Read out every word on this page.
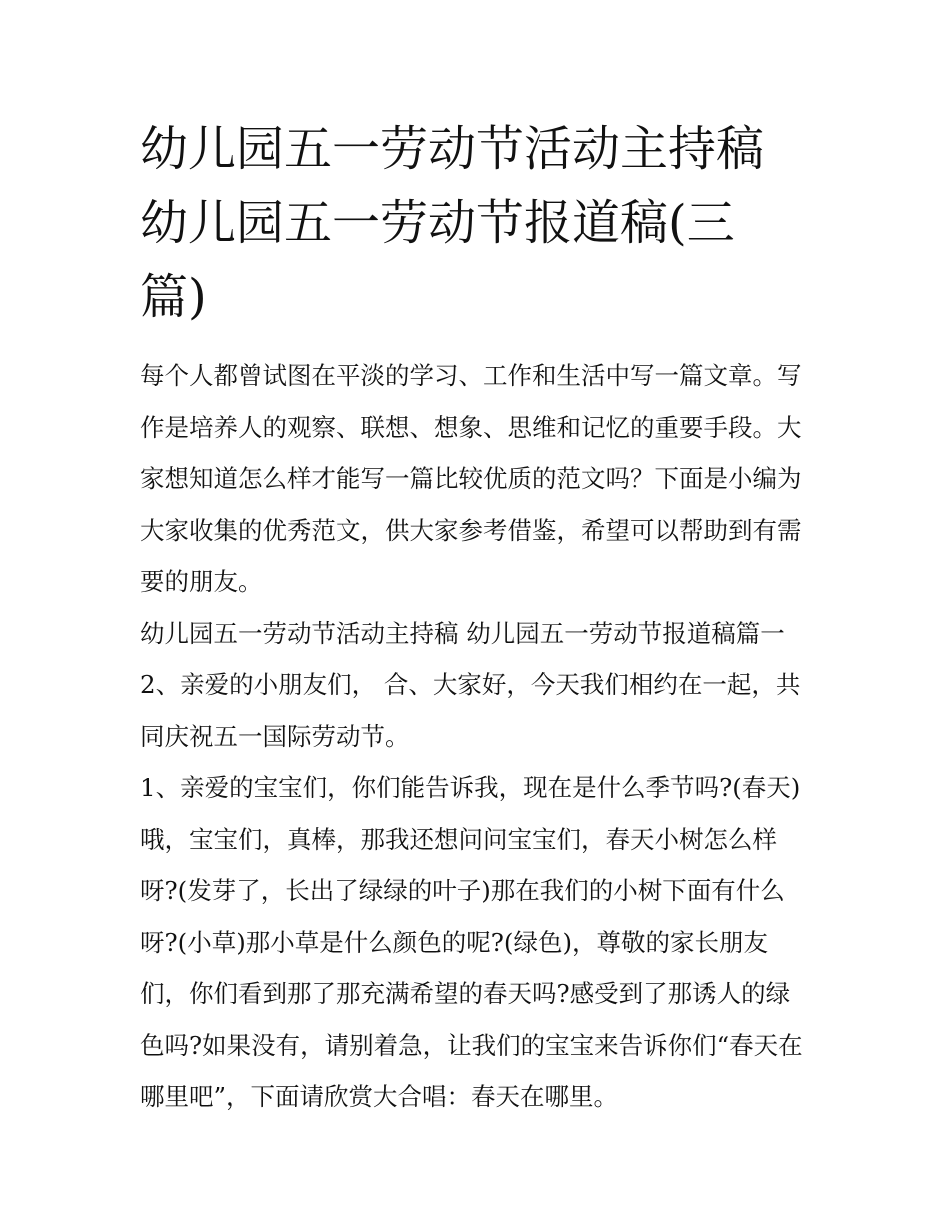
幼儿园五一劳动节活动主持稿
幼儿园五一劳动节报道稿(三
篇)
每个人都曾试图在平淡的学习、工作和生活中写一篇文章。写
作是培养人的观察、联想、想象、思维和记忆的重要手段。大
家想知道怎么样才能写一篇比较优质的范文吗？下面是小编为
大家收集的优秀范文，供大家参考借鉴，希望可以帮助到有需
要的朋友。
幼儿园五一劳动节活动主持稿 幼儿园五一劳动节报道稿篇一
2、亲爱的小朋友们， 合、大家好，今天我们相约在一起，共
同庆祝五一国际劳动节。
1、亲爱的宝宝们，你们能告诉我，现在是什么季节吗?(春天)
哦，宝宝们，真棒，那我还想问问宝宝们，春天小树怎么样
呀?(发芽了，长出了绿绿的叶子)那在我们的小树下面有什么
呀?(小草)那小草是什么颜色的呢?(绿色)，尊敬的家长朋友
们，你们看到那了那充满希望的春天吗?感受到了那诱人的绿
色吗?如果没有，请别着急，让我们的宝宝来告诉你们“春天在
哪里吧”，下面请欣赏大合唱：春天在哪里。
